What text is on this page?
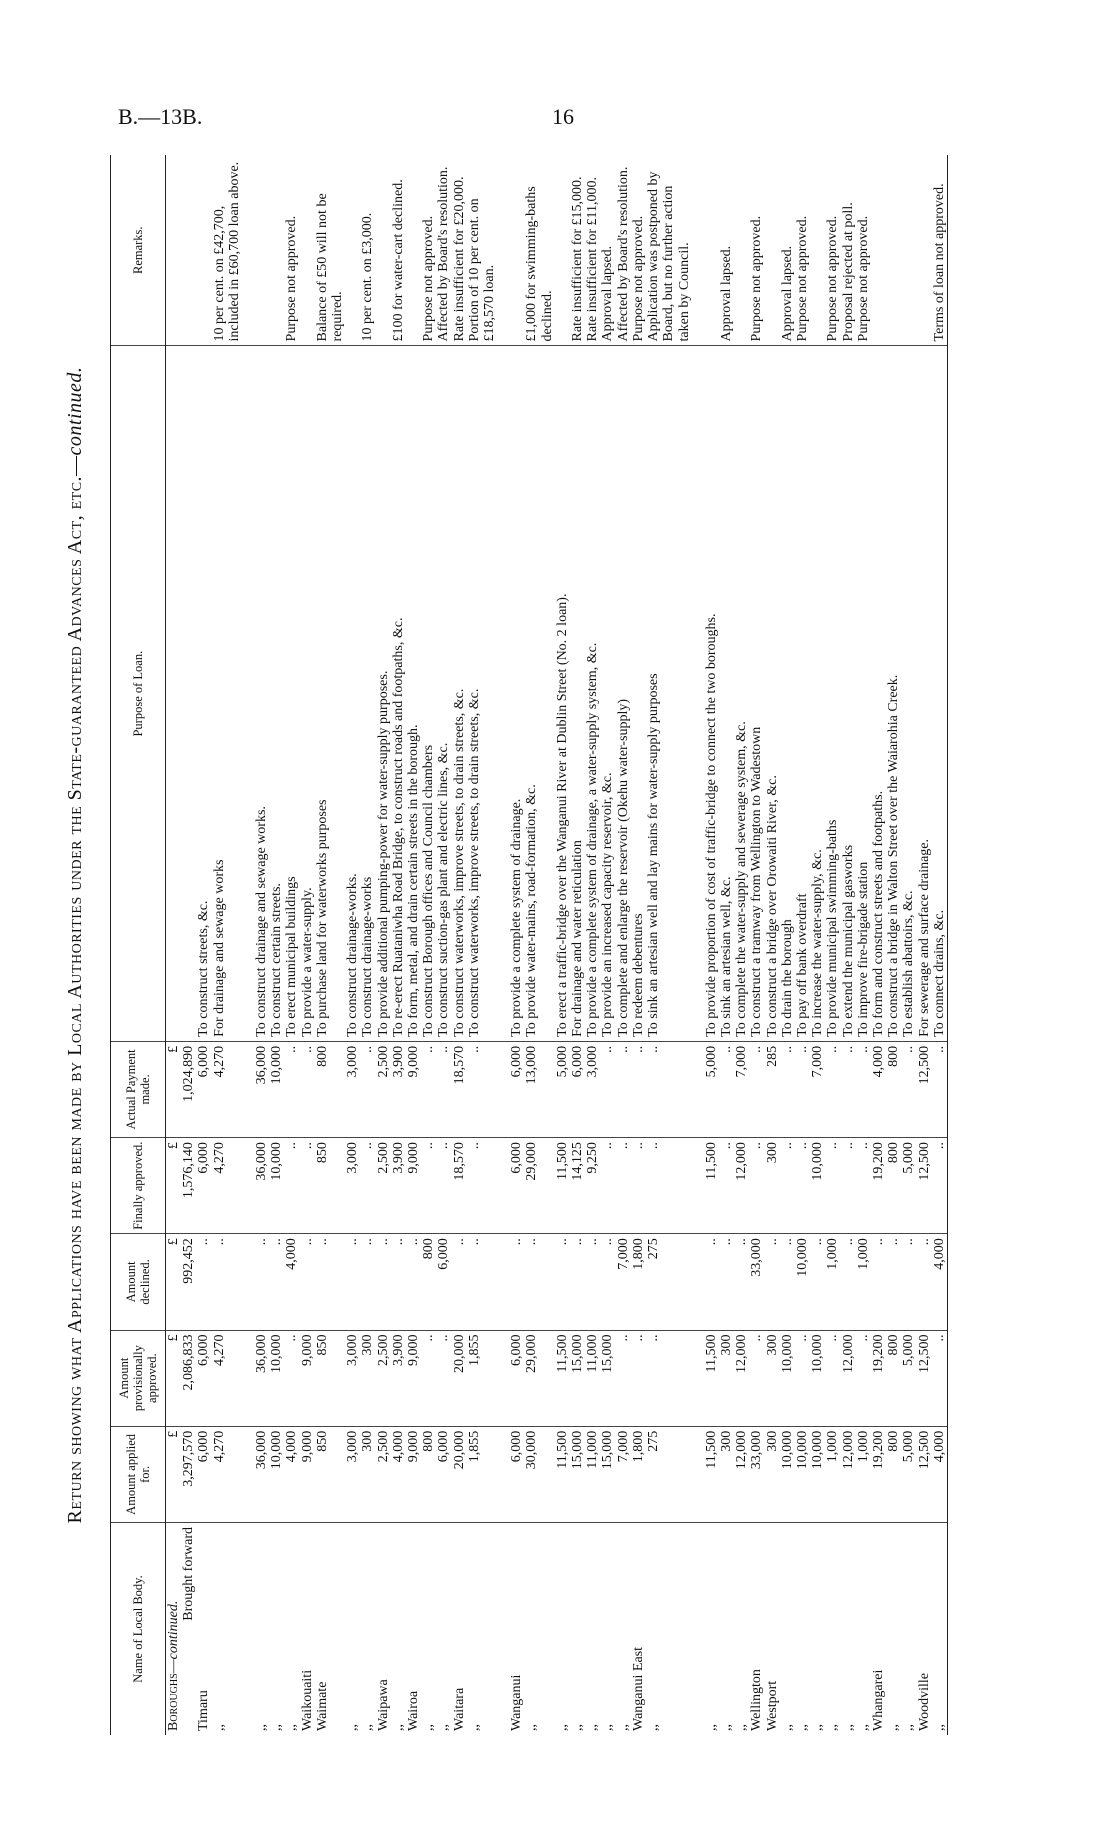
B.—13B.	16
Return showing what Applications have been made by Local Authorities under the State-guaranteed Advances Act, etc.—continued.
Name of Local Body.	Amount applied for.	Amount provisionally approved.	Amount declined.	Finally approved.	Actual Payment made.	Purpose of Loan.	Remarks.
Boroughs—continued.	£	£	£	£	£		
Brought forward	3,297,570	2,086,833	992,452	1,576,140	1,024,890		
Timaru	6,000	6,000	..	6,000	6,000	To construct streets, &c.	
,,	4,270	4,270	..	4,270	4,270	For drainage and sewage works	10 per cent. on £42,700, included in £60,700 loan above.

,,	36,000	36,000	..	36,000	36,000	To construct drainage and sewage works.	
,,	10,000	10,000	..	10,000	10,000	To construct certain streets.	
,,	4,000	..	4,000	..	..	To erect municipal buildings	Purpose not approved.
Waikouaiti	9,000	9,000	..	..	..	To provide a water-supply.	
Waimate	850	850	..	850	800	To purchase land for waterworks purposes	Balance of £50 will not be required.
,,	3,000	3,000	..	3,000	3,000	To construct drainage-works.	
,,	300	300	..	..	..	To construct drainage-works	10 per cent. on £3,000.
Waipawa	2,500	2,500	..	2,500	2,500	To provide additional pumping-power for water-supply purposes.	
,,	4,000	3,900	..	3,900	3,900	To re-erect Ruataniwha Road Bridge, to construct roads and footpaths, &c.	£100 for water-cart declined.
Wairoa	9,000	9,000	..	9,000	9,000	To form, metal, and drain certain streets in the borough.	
,,	800	..	800	..	..	To construct Borough offices and Council chambers	Purpose not approved.
,,	6,000	..	6,000	..	..	To construct suction-gas plant and electric lines, &c.	Affected by Board's resolution.
Waitara	20,000	20,000	..	18,570	18,570	To construct waterworks, improve streets, to drain streets, &c.	Rate insufficient for £20,000.
,,	1,855	1,855	..	..	..	To construct waterworks, improve streets, to drain streets, &c.	Portion of 10 per cent. on £18,570 loan.

Wanganui	6,000	6,000	..	6,000	6,000	To provide a complete system of drainage.	
,,	30,000	29,000	..	29,000	13,000	To provide water-mains, road-formation, &c.	£1,000 for swimming-baths declined.
,,	11,500	11,500	..	11,500	5,000	To erect a traffic-bridge over the Wanganui River at Dublin Street (No. 2 loan).	
,,	15,000	15,000	..	14,125	6,000	For drainage and water reticulation	Rate insufficient for £15,000.
,,	11,000	11,000	..	9,250	3,000	To provide a complete system of drainage, a water-supply system, &c.	Rate insufficient for £11,000.
,,	15,000	15,000	..	..	..	To provide an increased capacity reservoir, &c.	Approval lapsed.
,,	7,000	..	7,000	..	..	To complete and enlarge the reservoir (Okehu water-supply)	Affected by Board's resolution.
Wanganui East	1,800	..	1,800	..	..	To redeem debentures	Purpose not approved.
,,	275	..	275	..	..	To sink an artesian well and lay mains for water-supply purposes	Application was postponed by Board, but no further action taken by Council.

,,	11,500	11,500	..	11,500	5,000	To provide proportion of cost of traffic-bridge to connect the two boroughs.	
,,	300	300	..	..	..	To sink an artesian well, &c.	Approval lapsed.
,,	12,000	12,000	..	12,000	7,000	To complete the water-supply and sewerage system, &c.	
Wellington	33,000	..	33,000	..	..	To construct a tramway from Wellington to Wadestown	Purpose not approved.
Westport	300	300	..	300	285	To construct a bridge over Orowaiti River, &c.	
,,	10,000	10,000	..	..	..	To drain the borough	Approval lapsed.
,,	10,000	..	10,000	..	..	To pay off bank overdraft	Purpose not approved.
,,	10,000	10,000	..	10,000	7,000	To increase the water-supply, &c.	
,,	1,000	..	1,000	..	..	To provide municipal swimming-baths	Purpose not approved.
,,	12,000	12,000	..	..	..	To extend the municipal gasworks	Proposal rejected at poll.
,,	1,000	..	1,000	..	..	To improve fire-brigade station	Purpose not approved.
Whangarei	19,200	19,200	..	19,200	4,000	To form and construct streets and footpaths.	
,,	800	800	..	800	800	To construct a bridge in Walton Street over the Waiarohia Creek.	
,,	5,000	5,000	..	5,000	..	To establish abattoirs, &c.	
Woodville	12,500	12,500	..	12,500	12,500	For sewerage and surface drainage.	
,,	4,000	..	4,000	..	..	To connect drains, &c.	Terms of loan not approved.
